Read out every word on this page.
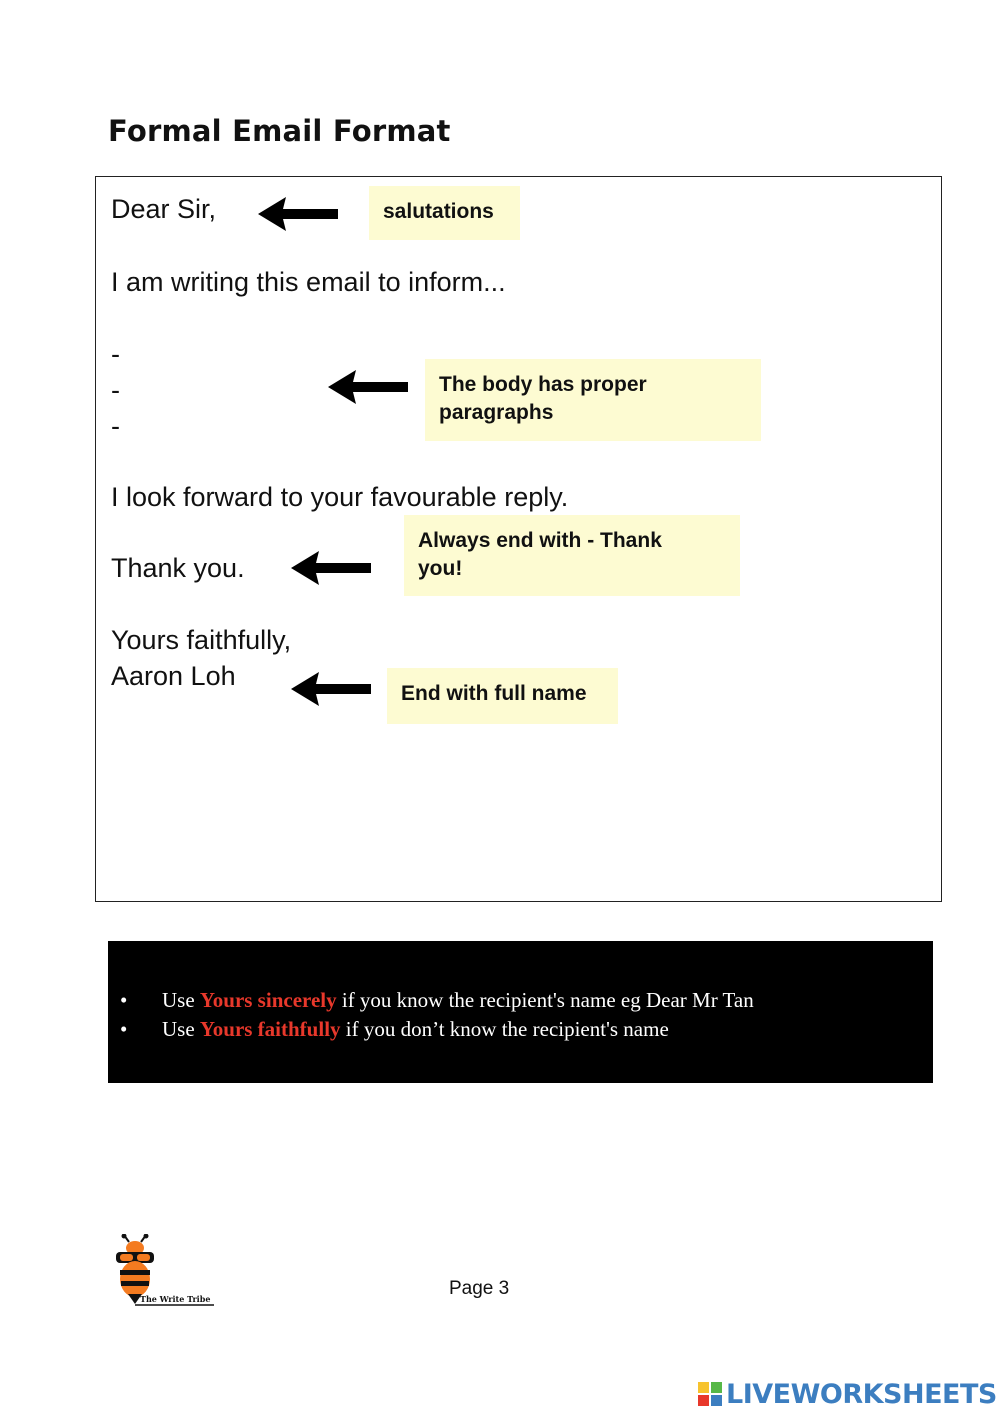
Formal Email Format
Dear Sir,
I am writing this email to inform...
-
-
-
I look forward to your favourable reply.
Thank you.
Yours faithfully,
Aaron Loh
salutations
The body has proper
paragraphs
Always end with - Thank
you!
End with full name
• Use Yours sincerely if you know the recipient's name eg Dear Mr Tan
• Use Yours faithfully if you don’t know the recipient's name
The Write Tribe	Page 3
LIVEWORKSHEETS
